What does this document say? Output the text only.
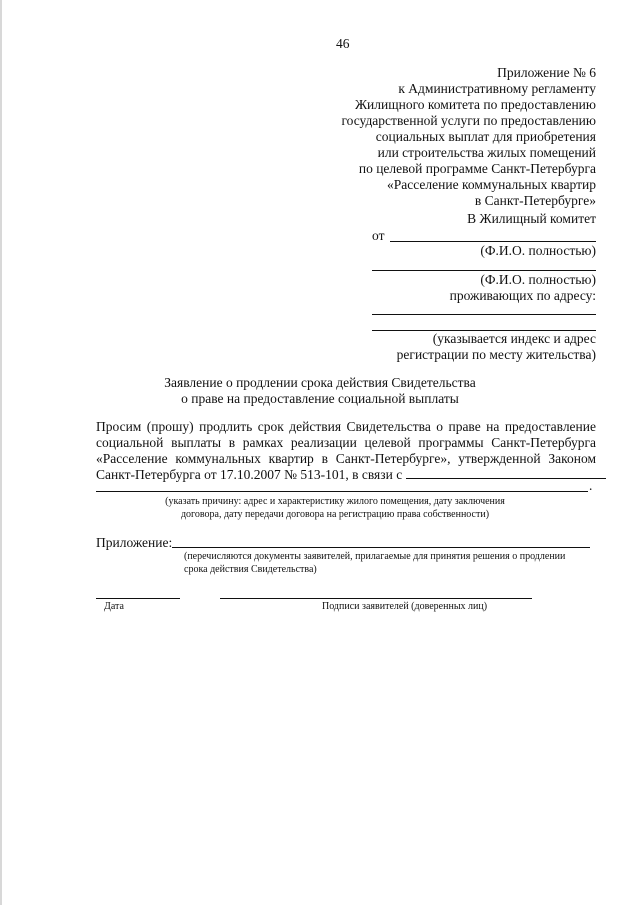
46
Приложение № 6
к Административному регламенту
Жилищного комитета по предоставлению
государственной услуги по предоставлению
социальных выплат для приобретения
или строительства жилых помещений
по целевой программе Санкт-Петербурга
«Расселение коммунальных квартир
в Санкт-Петербурге»
В Жилищный комитет
от
(Ф.И.О. полностью)
(Ф.И.О. полностью)
проживающих по адресу:
(указывается индекс и адрес
регистрации по месту жительства)
Заявление о продлении срока действия Свидетельства
о праве на предоставление социальной выплаты
Просим (прошу) продлить срок действия Свидетельства о праве на предоставление
социальной выплаты в рамках реализации целевой программы Санкт-Петербурга
«Расселение коммунальных квартир в Санкт-Петербурге», утвержденной Законом
Санкт-Петербурга от 17.10.2007 № 513-101, в связи с
.
(указать причину: адрес и характеристику жилого помещения, дату заключения
договора, дату передачи договора на регистрацию права собственности)
Приложение:
(перечисляются документы заявителей, прилагаемые для принятия решения о продлении
срока действия Свидетельства)
Дата	Подписи заявителей (доверенных лиц)
